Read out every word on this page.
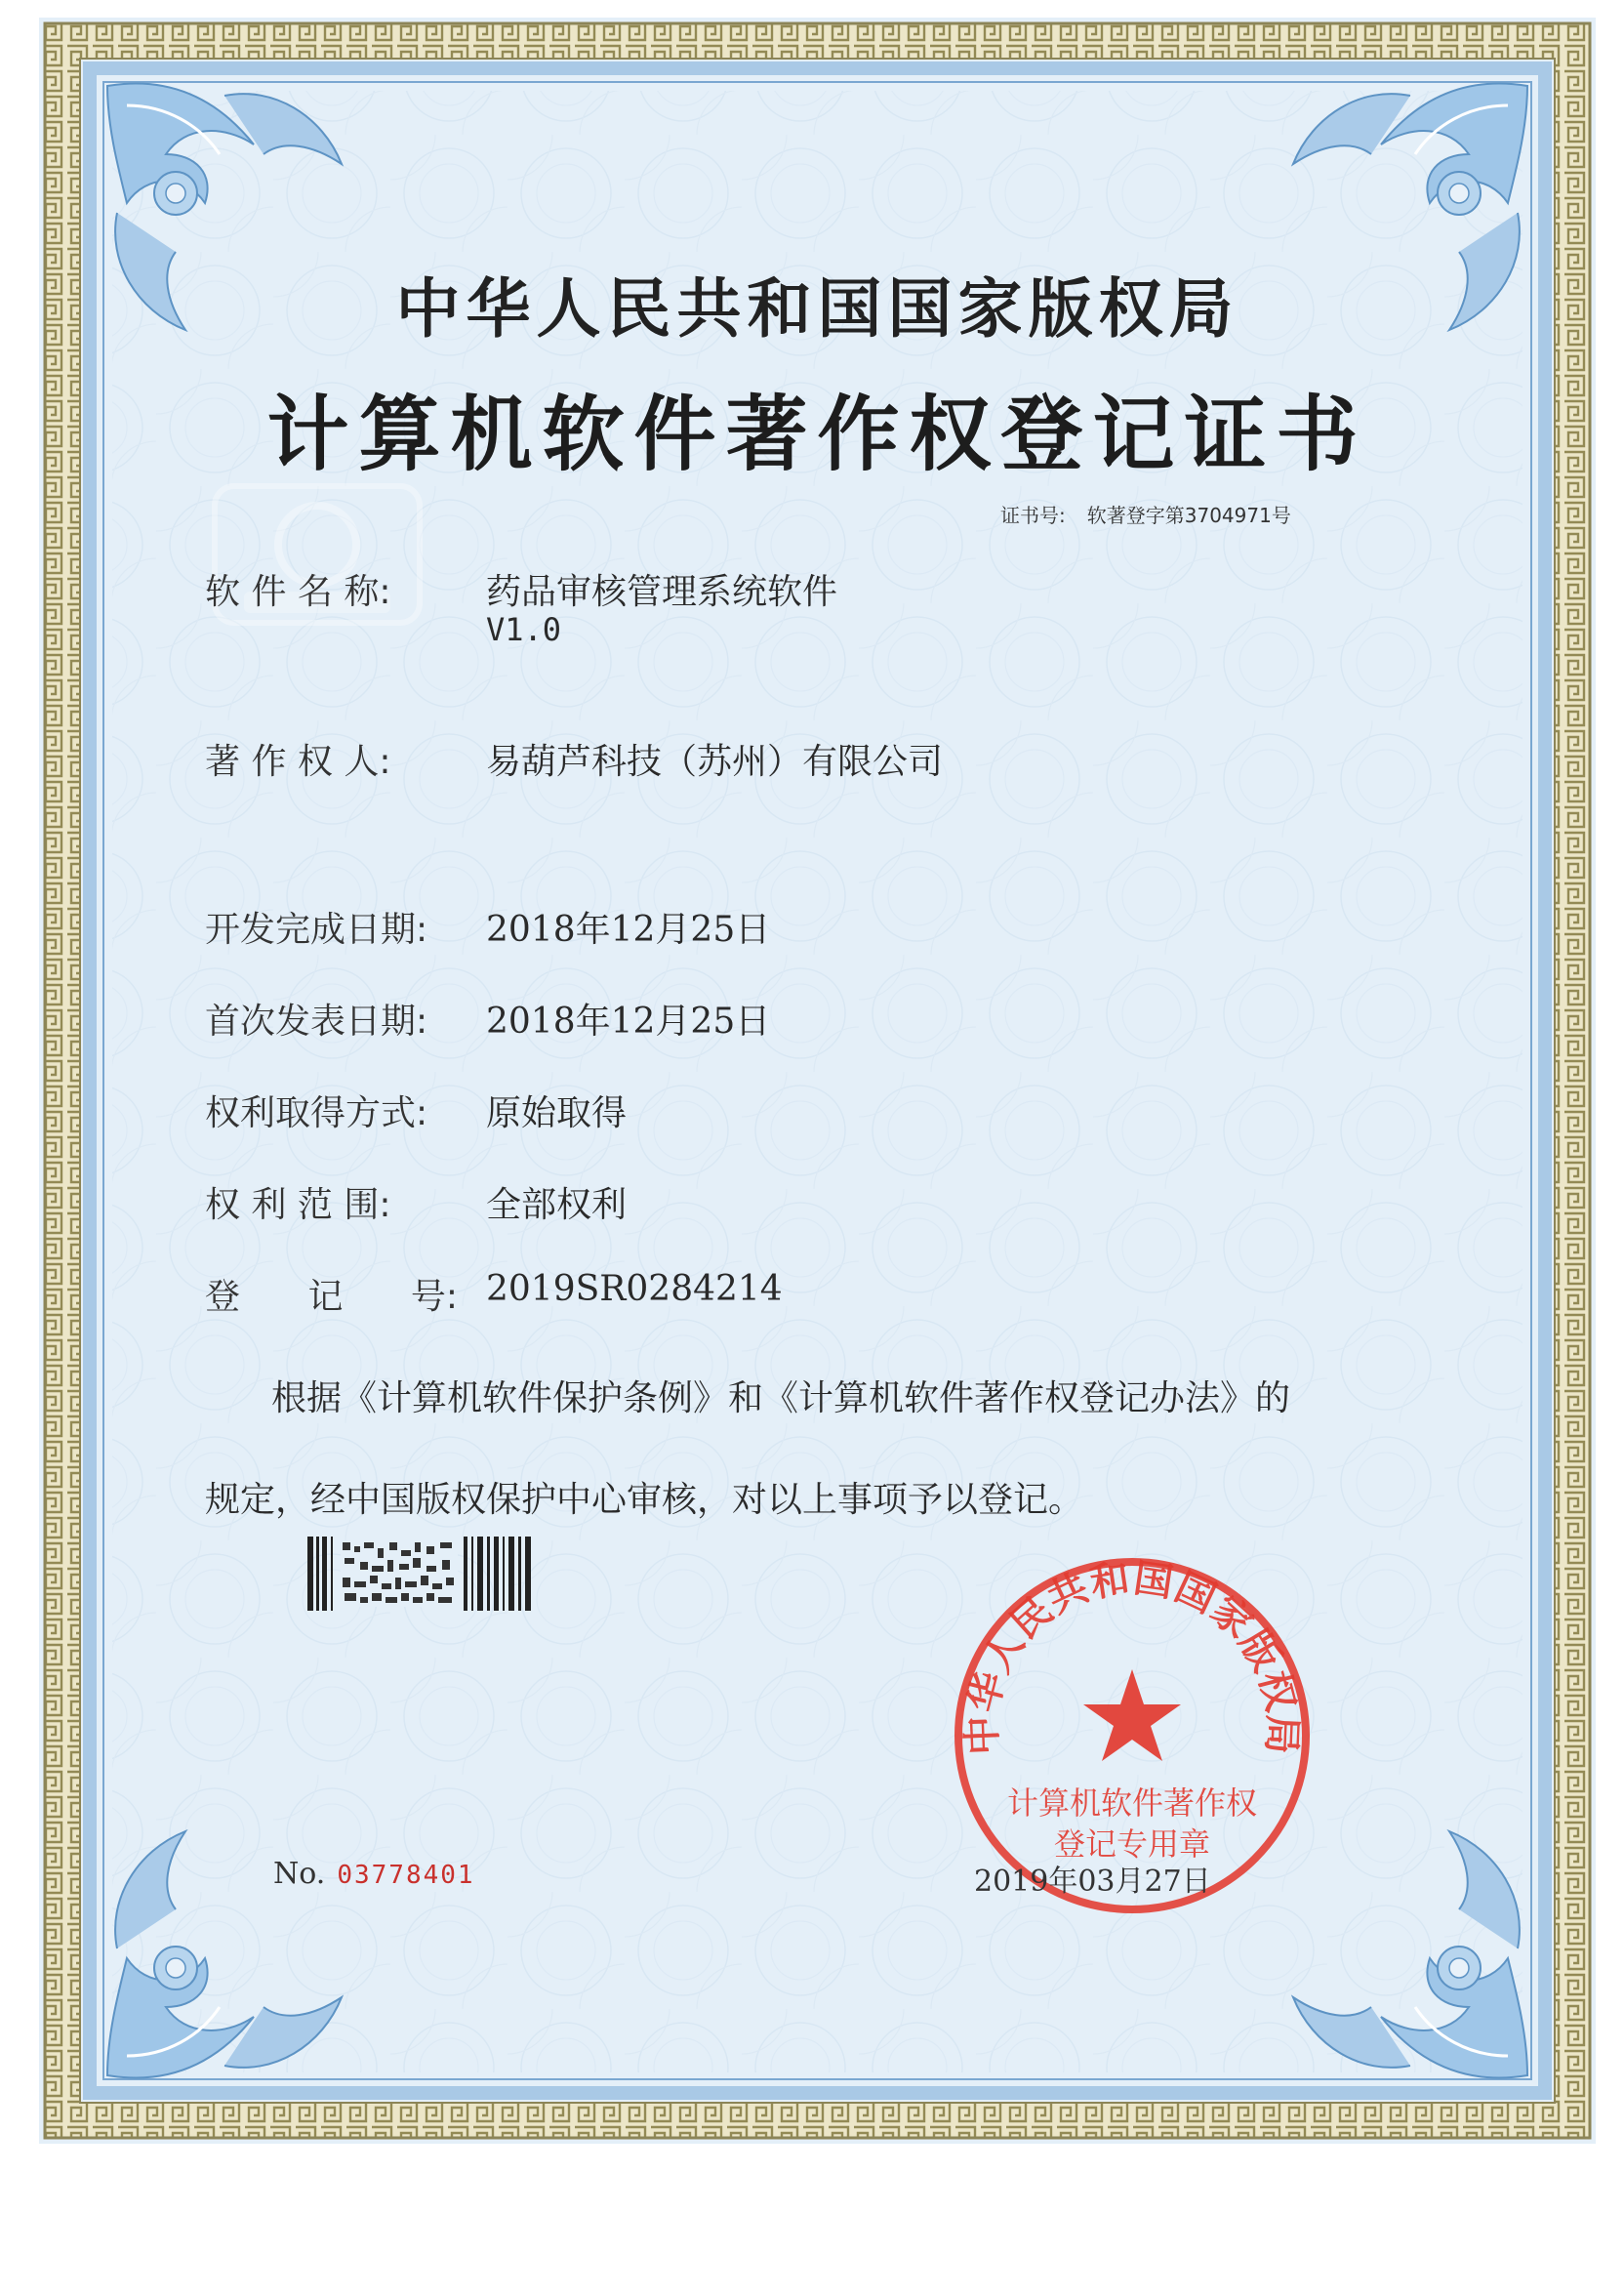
中华人民共和国国家版权局
计算机软件著作权登记证书
证书号: 软著登字第3704971号
软 件 名 称:	药品审核管理系统软件
V1.0
著 作 权 人:	易葫芦科技（苏州）有限公司
开发完成日期: 2018年12月25日
首次发表日期: 2018年12月25日
权利取得方式: 原始取得
权 利 范 围:	全部权利
登 记 号: 2019SR0284214
根据《计算机软件保护条例》和《计算机软件著作权登记办法》的
规定，经中国版权保护中心审核，对以上事项予以登记。
中华人民共和国国家版权局
计算机软件著作权
登记专用章
No. 03778401	2019年03月27日
